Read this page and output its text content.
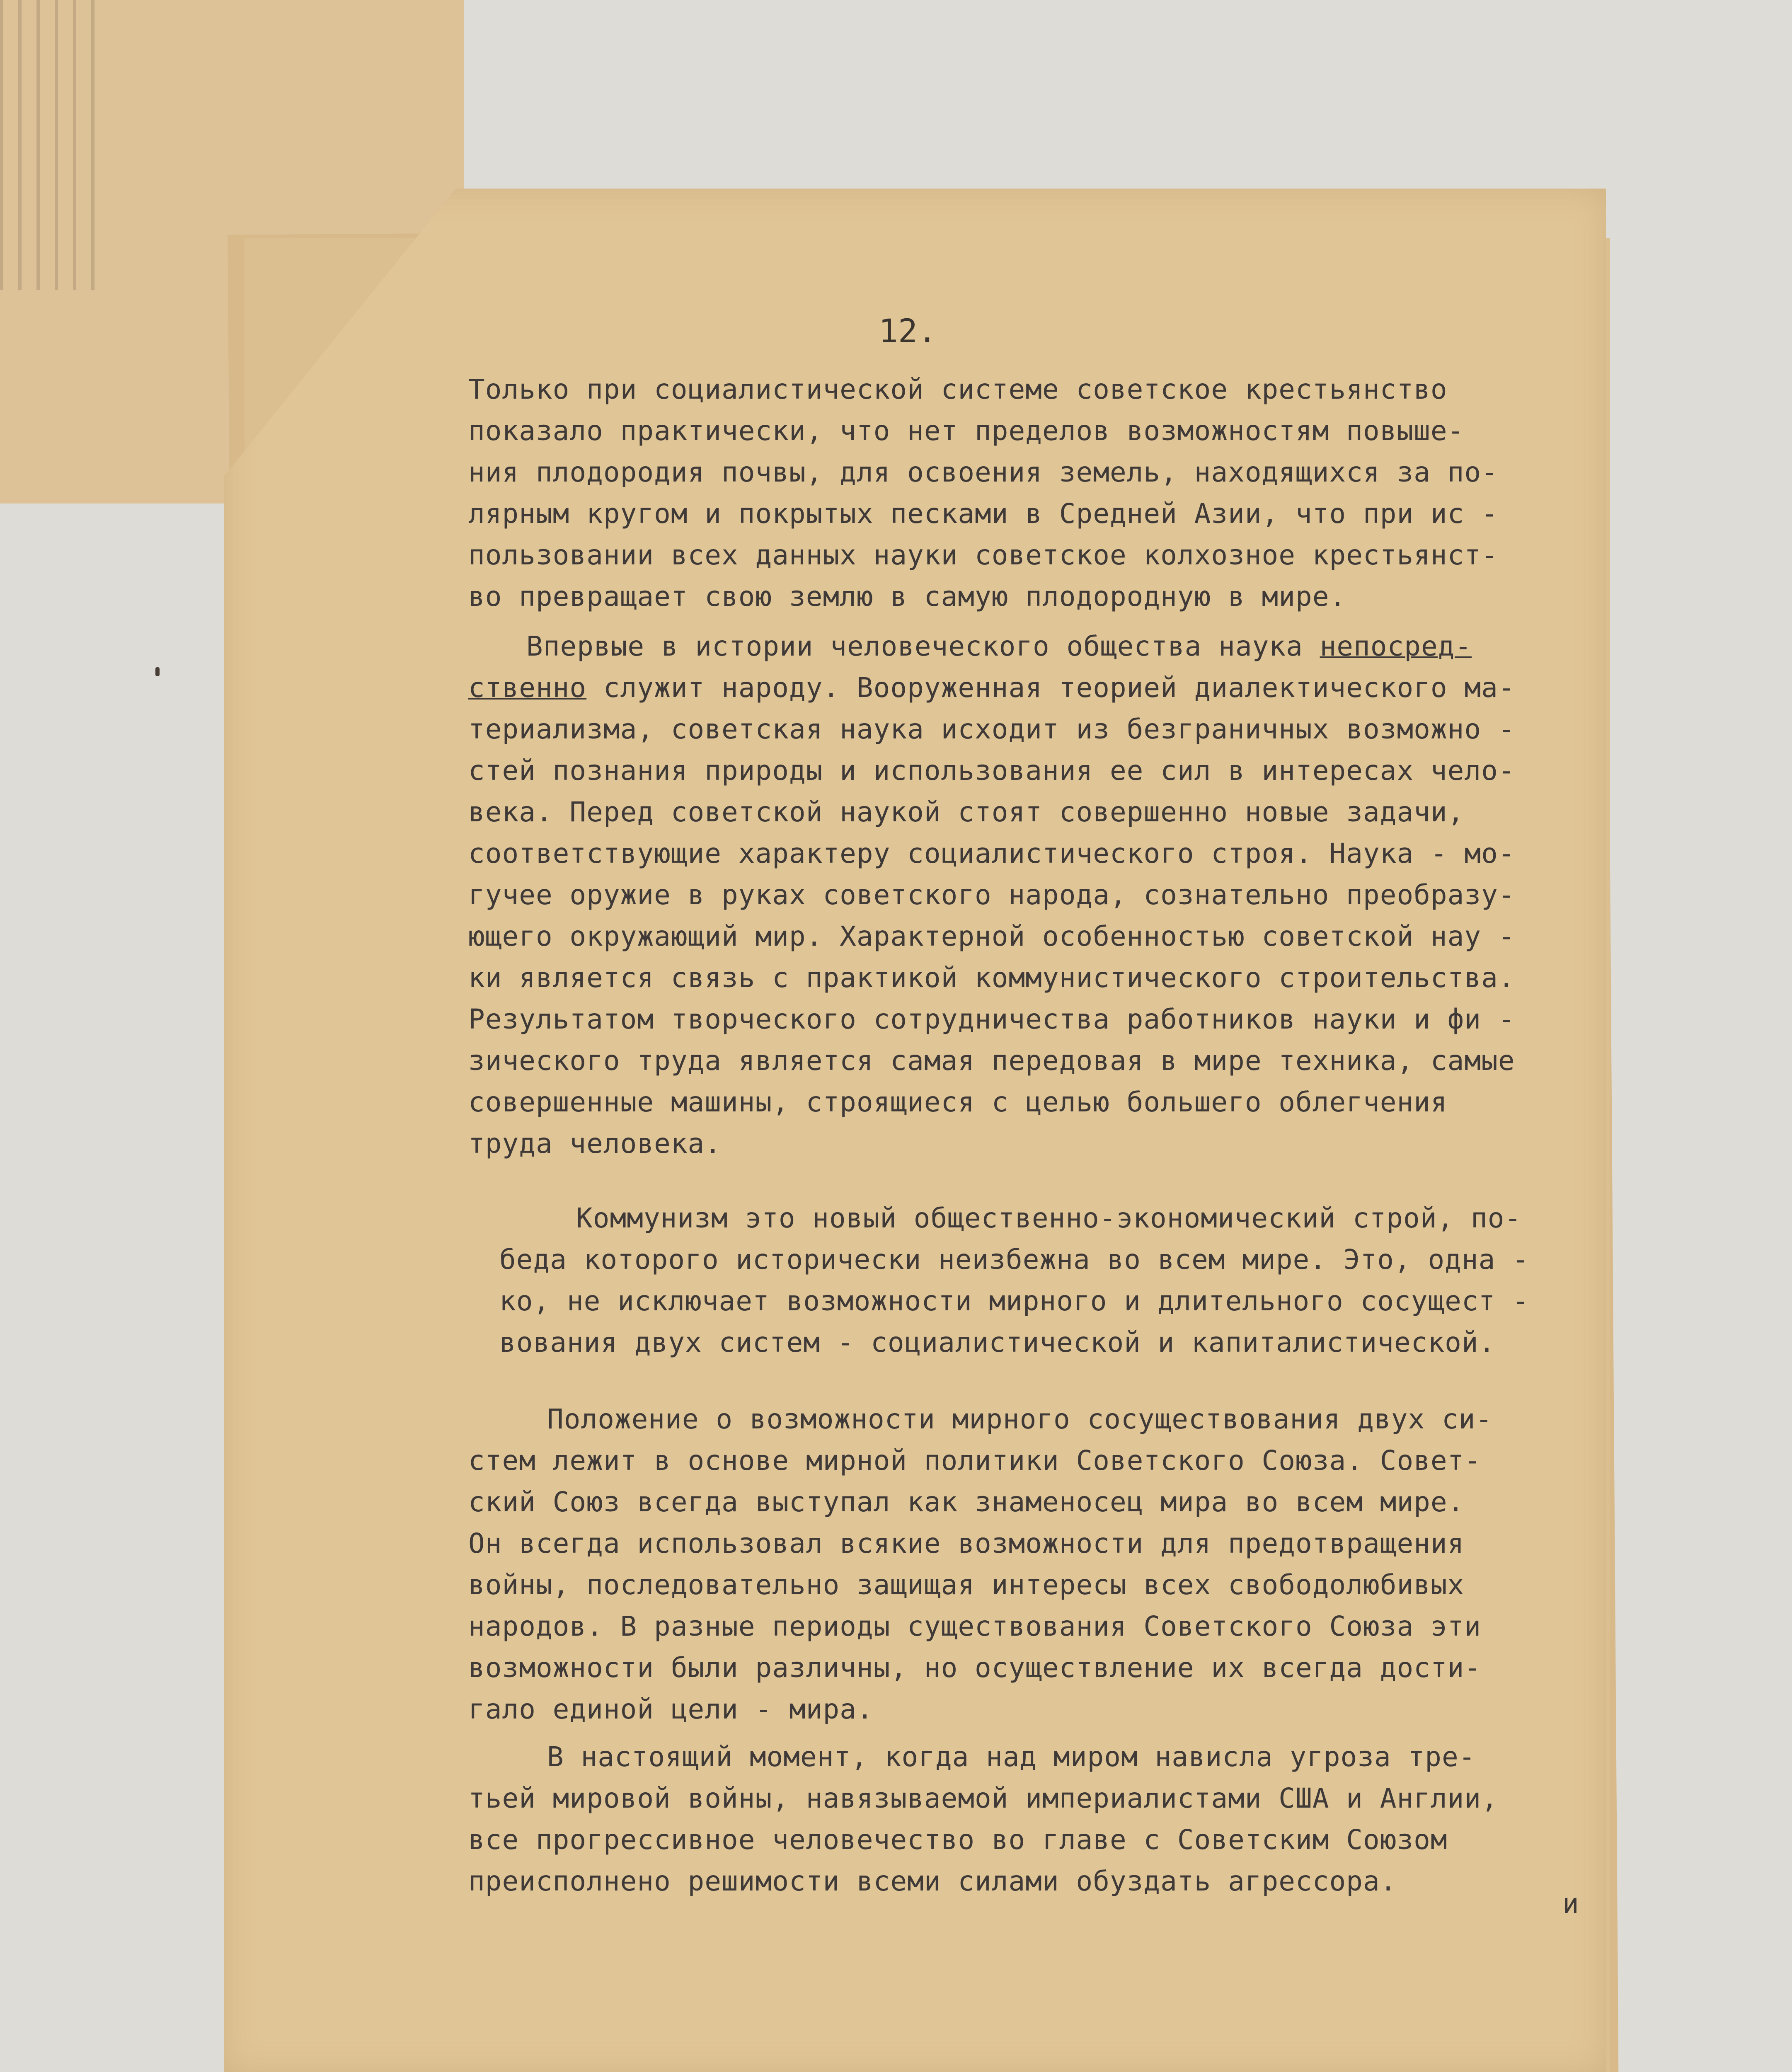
12.
Только при социалистической системе советское крестьянство
показало практически, что нет пределов возможностям повыше-
ния плодородия почвы, для освоения земель, находящихся за по-
лярным кругом и покрытых песками в Средней Азии, что при ис -
пользовании всех данных науки советское колхозное крестьянст-
во превращает свою землю в самую плодородную в мире.
Впервые в истории человеческого общества наука непосред-
ственно служит народу. Вооруженная теорией диалектического ма-
териализма, советская наука исходит из безграничных возможно -
стей познания природы и использования ее сил в интересах чело-
века. Перед советской наукой стоят совершенно новые задачи,
соответствующие характеру социалистического строя. Наука - мо-
гучее оружие в руках советского народа, сознательно преобразу-
ющего окружающий мир. Характерной особенностью советской нау -
ки является связь с практикой коммунистического строительства.
Результатом творческого сотрудничества работников науки и фи -
зического труда является самая передовая в мире техника, самые
совершенные машины, строящиеся с целью большего облегчения
труда человека.
Коммунизм это новый общественно-экономический строй, по-
беда которого исторически неизбежна во всем мире. Это, одна -
ко, не исключает возможности мирного и длительного сосущест -
вования двух систем - социалистической и капиталистической.
Положение о возможности мирного сосуществования двух си-
стем лежит в основе мирной политики Советского Союза. Совет-
ский Союз всегда выступал как знаменосец мира во всем мире.
Он всегда использовал всякие возможности для предотвращения
войны, последовательно защищая интересы всех свободолюбивых
народов. В разные периоды существования Советского Союза эти
возможности были различны, но осуществление их всегда дости-
гало единой цели - мира.
В настоящий момент, когда над миром нависла угроза тре-
тьей мировой войны, навязываемой империалистами США и Англии,
все прогрессивное человечество во главе с Советским Союзом
преисполнено решимости всеми силами обуздать агрессора.
и
